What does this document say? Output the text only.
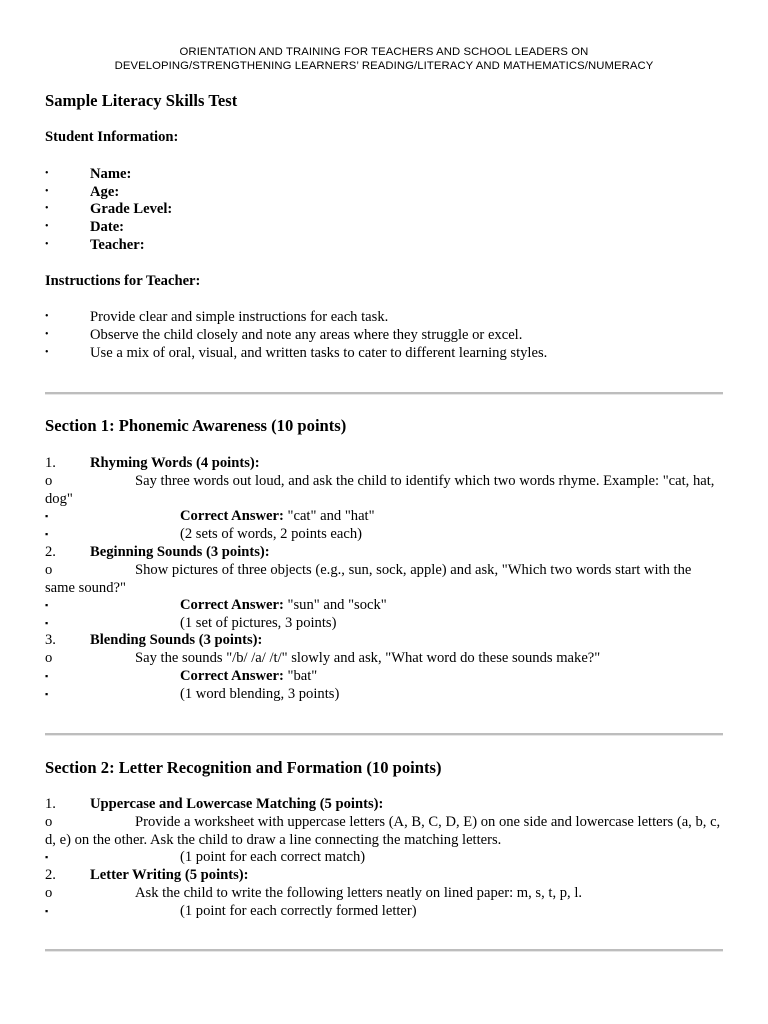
ORIENTATION AND TRAINING FOR TEACHERS AND SCHOOL LEADERS ON
DEVELOPING/STRENGTHENING LEARNERS’ READING/LITERACY AND MATHEMATICS/NUMERACY
Sample Literacy Skills Test
Student Information:
•	Name:
•	Age:
•	Grade Level:
•	Date:
•	Teacher:
Instructions for Teacher:
•	Provide clear and simple instructions for each task.
•	Observe the child closely and note any areas where they struggle or excel.
•	Use a mix of oral, visual, and written tasks to cater to different learning styles.
Section 1: Phonemic Awareness (10 points)
1. Rhyming Words (4 points):
o	Say three words out loud, and ask the child to identify which two words rhyme. Example: "cat, hat, dog"
▪	Correct Answer: "cat" and "hat"
▪	(2 sets of words, 2 points each)
2. Beginning Sounds (3 points):
o	Show pictures of three objects (e.g., sun, sock, apple) and ask, "Which two words start with the same sound?"
▪	Correct Answer: "sun" and "sock"
▪	(1 set of pictures, 3 points)
3. Blending Sounds (3 points):
o	Say the sounds "/b/ /a/ /t/" slowly and ask, "What word do these sounds make?"
▪	Correct Answer: "bat"
▪	(1 word blending, 3 points)
Section 2: Letter Recognition and Formation (10 points)
1. Uppercase and Lowercase Matching (5 points):
o	Provide a worksheet with uppercase letters (A, B, C, D, E) on one side and lowercase letters (a, b, c, d, e) on the other. Ask the child to draw a line connecting the matching letters.
▪	(1 point for each correct match)
2. Letter Writing (5 points):
o	Ask the child to write the following letters neatly on lined paper: m, s, t, p, l.
▪	(1 point for each correctly formed letter)
